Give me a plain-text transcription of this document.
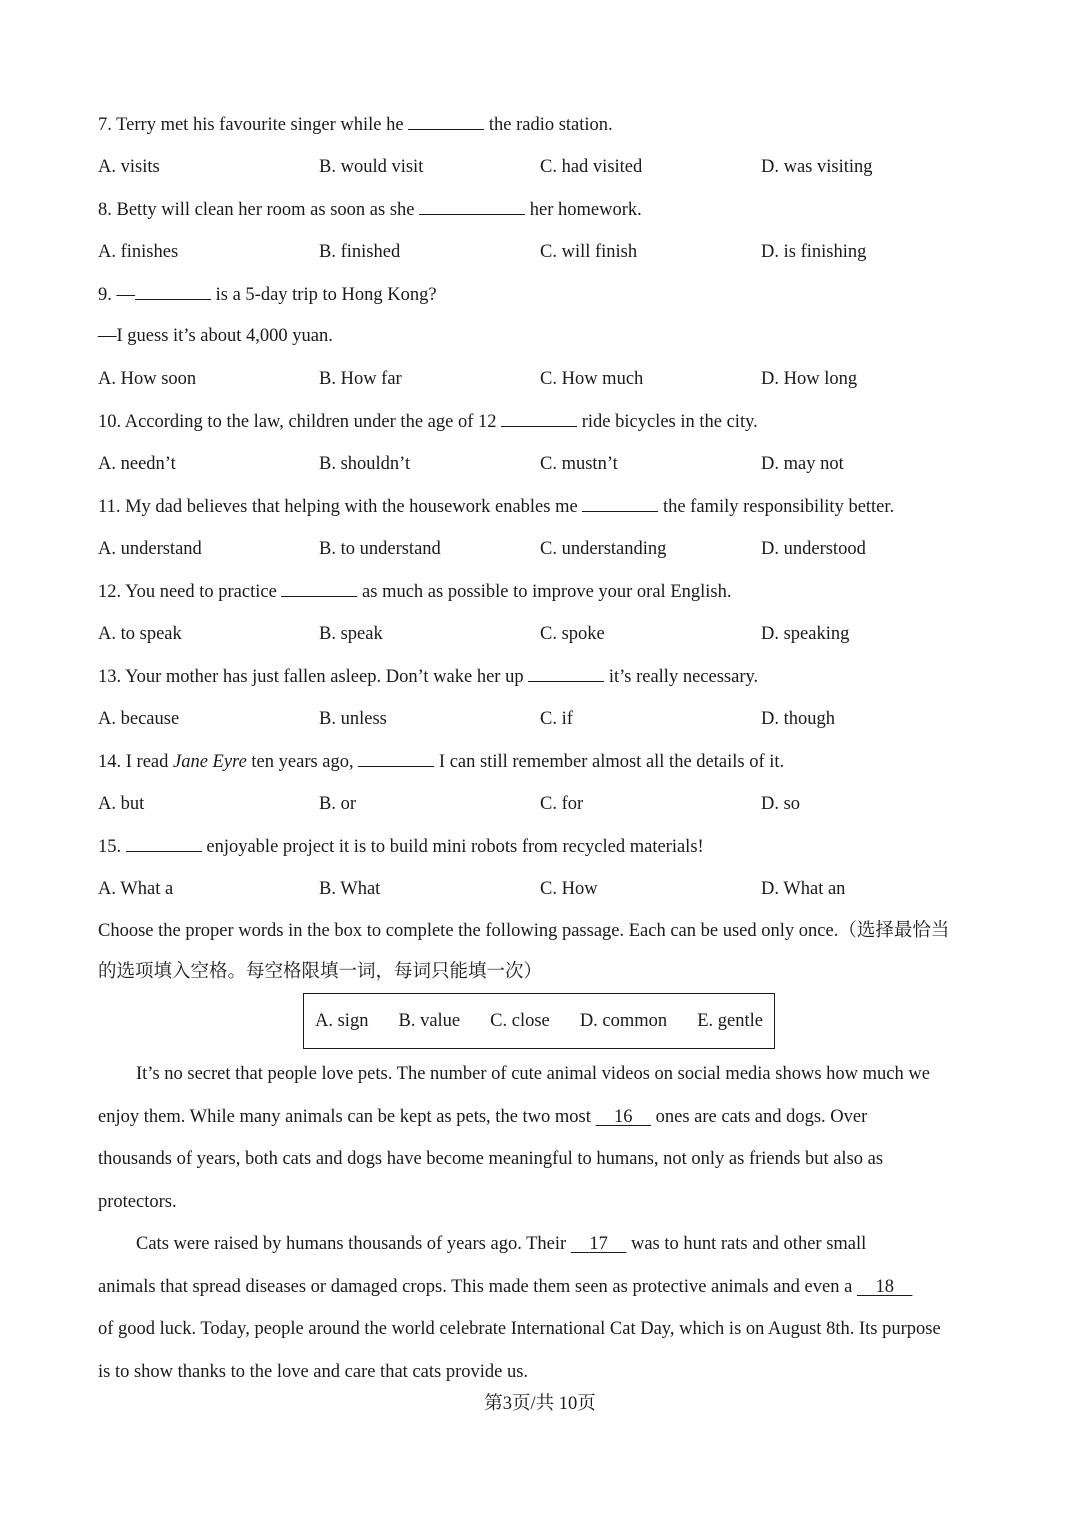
7. Terry met his favourite singer while he	the radio station.
A. visits	B. would visit	C. had visited	D. was visiting
8. Betty will clean her room as soon as she	her homework.
A. finishes	B. finished	C. will finish	D. is finishing
9. —	is a 5-day trip to Hong Kong?
—I guess it’s about 4,000 yuan.
A. How soon	B. How far	C. How much	D. How long
10. According to the law, children under the age of 12	ride bicycles in the city.
A. needn’t	B. shouldn’t	C. mustn’t	D. may not
11. My dad believes that helping with the housework enables me	the family responsibility better.
A. understand	B. to understand	C. understanding	D. understood
12. You need to practice	as much as possible to improve your oral English.
A. to speak	B. speak	C. spoke	D. speaking
13. Your mother has just fallen asleep. Don’t wake her up	it’s really necessary.
A. because	B. unless	C. if	D. though
14. I read Jane Eyre ten years ago,	I can still remember almost all the details of it.
A. but	B. or	C. for	D. so
15.	enjoyable project it is to build mini robots from recycled materials!
A. What a	B. What	C. How	D. What an
Choose the proper words in the box to complete the following passage. Each can be used only once.（选择最恰当
的选项填入空格。每空格限填一词，每词只能填一次）
A. sign B. value C. close D. common E. gentle
It’s no secret that people love pets. The number of cute animal videos on social media shows how much we
enjoy them. While many animals can be kept as pets, the two most     16     ones are cats and dogs. Over
thousands of years, both cats and dogs have become meaningful to humans, not only as friends but also as
protectors.
Cats were raised by humans thousands of years ago. Their     17     was to hunt rats and other small
animals that spread diseases or damaged crops. This made them seen as protective animals and even a     18
of good luck. Today, people around the world celebrate International Cat Day, which is on August 8th. Its purpose
is to show thanks to the love and care that cats provide us.
第3页/共 10页
